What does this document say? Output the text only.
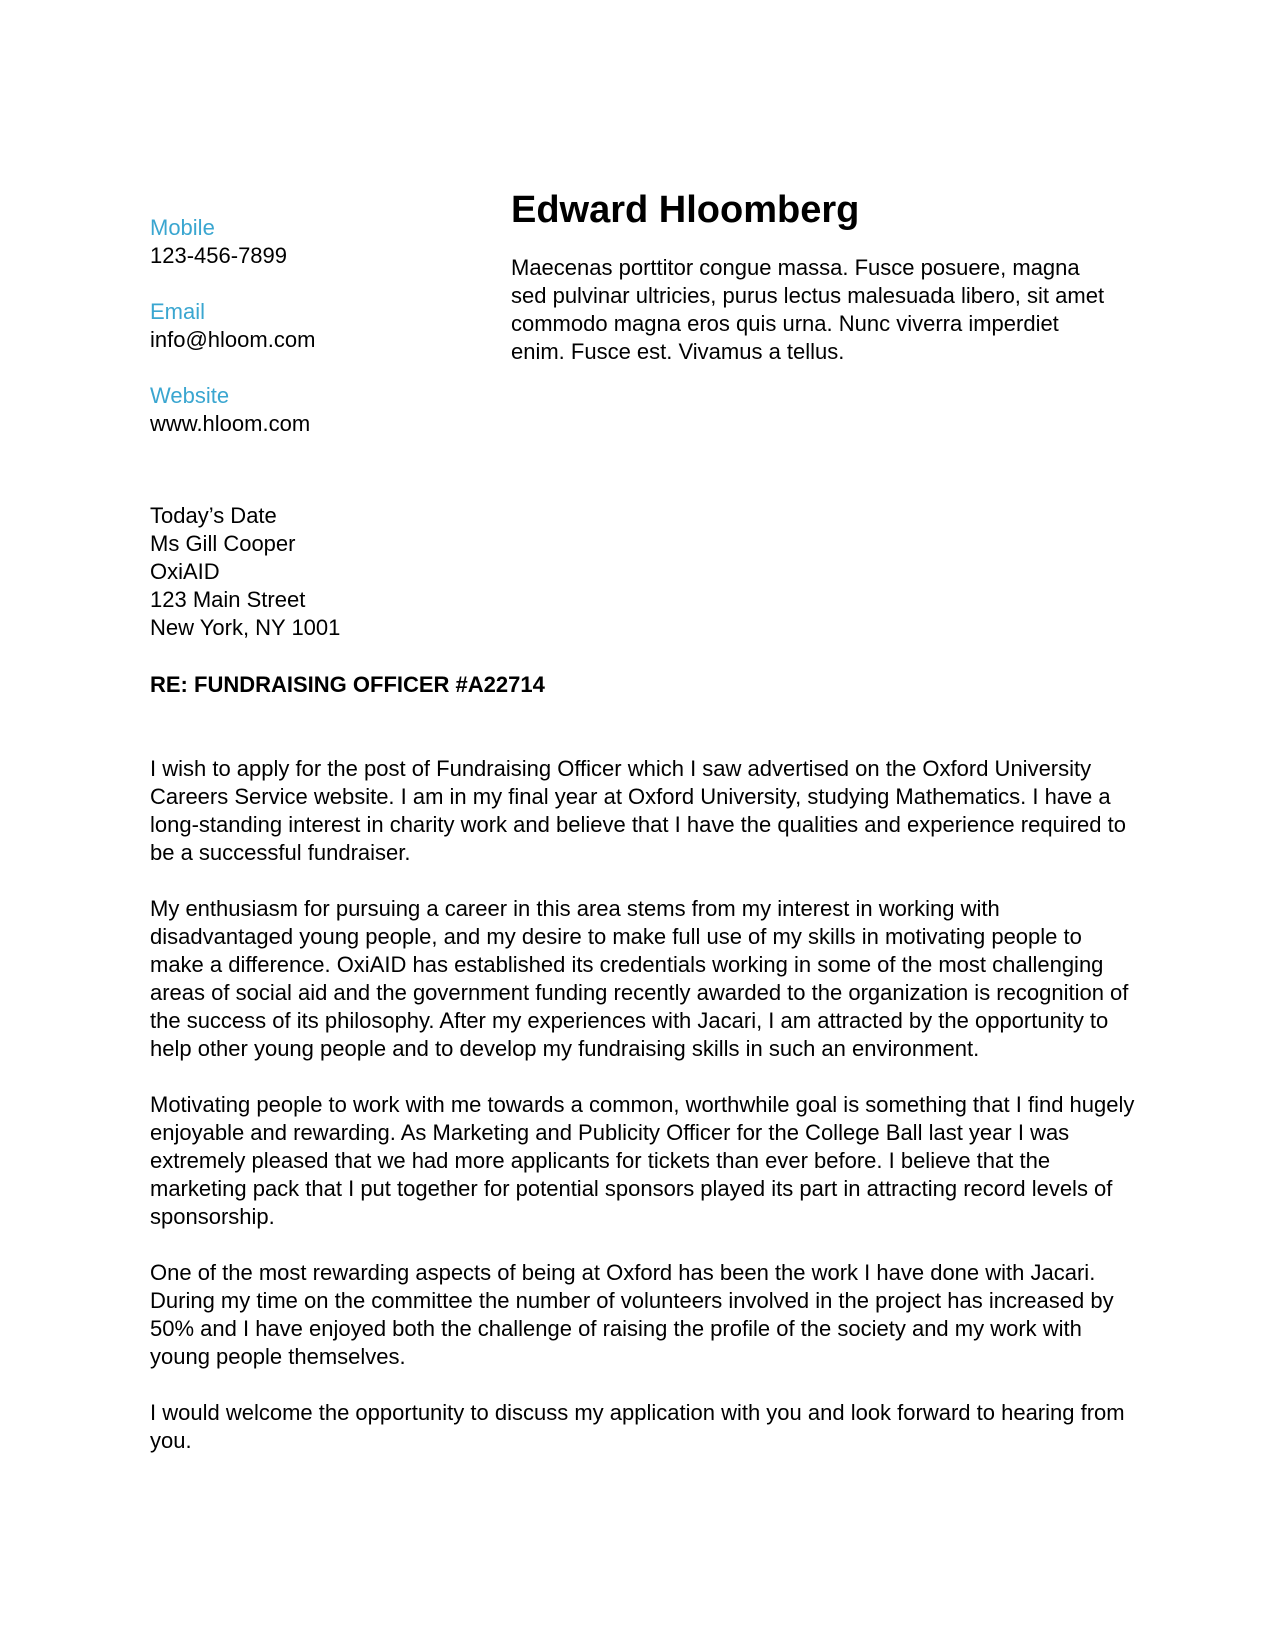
Mobile
123-456-7899
Email
info@hloom.com
Website
www.hloom.com
Edward Hloomberg
Maecenas porttitor congue massa. Fusce posuere, magna sed pulvinar ultricies, purus lectus malesuada libero, sit amet commodo magna eros quis urna. Nunc viverra imperdiet enim. Fusce est. Vivamus a tellus.
Today’s Date
Ms Gill Cooper
OxiAID
123 Main Street
New York, NY 1001
RE: FUNDRAISING OFFICER #A22714

I wish to apply for the post of Fundraising Officer which I saw advertised on the Oxford University Careers Service website. I am in my final year at Oxford University, studying Mathematics. I have a long-standing interest in charity work and believe that I have the qualities and experience required to be a successful fundraiser.

My enthusiasm for pursuing a career in this area stems from my interest in working with disadvantaged young people, and my desire to make full use of my skills in motivating people to make a difference. OxiAID has established its credentials working in some of the most challenging areas of social aid and the government funding recently awarded to the organization is recognition of the success of its philosophy. After my experiences with Jacari, I am attracted by the opportunity to help other young people and to develop my fundraising skills in such an environment.

Motivating people to work with me towards a common, worthwhile goal is something that I find hugely enjoyable and rewarding. As Marketing and Publicity Officer for the College Ball last year I was extremely pleased that we had more applicants for tickets than ever before. I believe that the marketing pack that I put together for potential sponsors played its part in attracting record levels of sponsorship.

One of the most rewarding aspects of being at Oxford has been the work I have done with Jacari. During my time on the committee the number of volunteers involved in the project has increased by 50% and I have enjoyed both the challenge of raising the profile of the society and my work with young people themselves.

I would welcome the opportunity to discuss my application with you and look forward to hearing from you.
